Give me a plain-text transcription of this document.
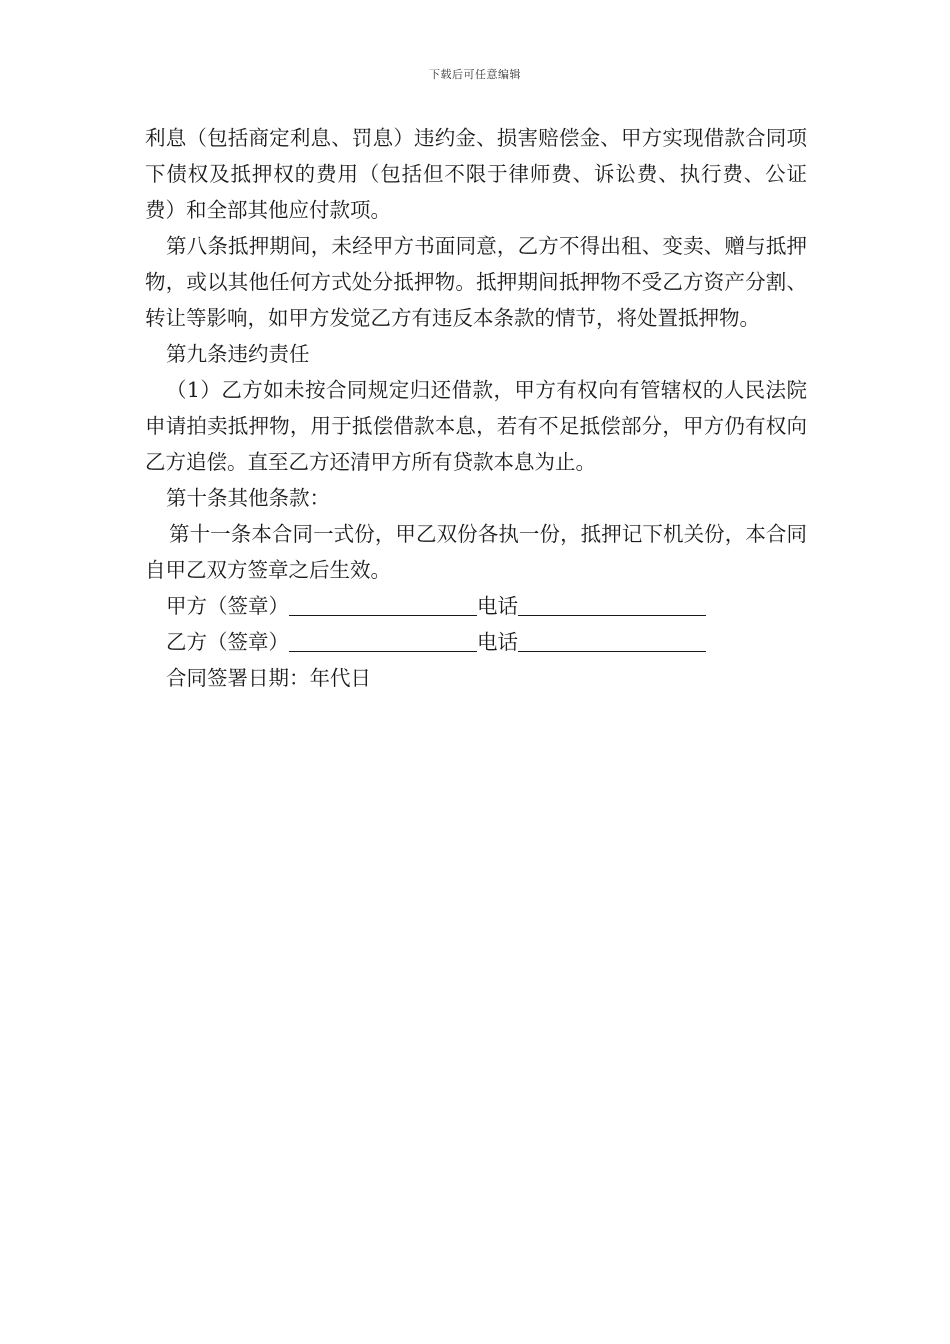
下载后可任意编辑

利息（包括商定利息、罚息）违约金、损害赔偿金、甲方实现借款合同项下债权及抵押权的费用（包括但不限于律师费、诉讼费、执行费、公证费）和全部其他应付款项。

第八条抵押期间，未经甲方书面同意，乙方不得出租、变卖、赠与抵押物，或以其他任何方式处分抵押物。抵押期间抵押物不受乙方资产分割、转让等影响，如甲方发觉乙方有违反本条款的情节，将处置抵押物。

第九条违约责任

（1）乙方如未按合同规定归还借款，甲方有权向有管辖权的人民法院申请拍卖抵押物，用于抵偿借款本息，若有不足抵偿部分，甲方仍有权向乙方追偿。直至乙方还清甲方所有贷款本息为止。

第十条其他条款：

第十一条本合同一式份，甲乙双份各执一份，抵押记下机关份，本合同自甲乙双方签章之后生效。

甲方（签章）	电话

乙方（签章）	电话

合同签署日期：年代日
